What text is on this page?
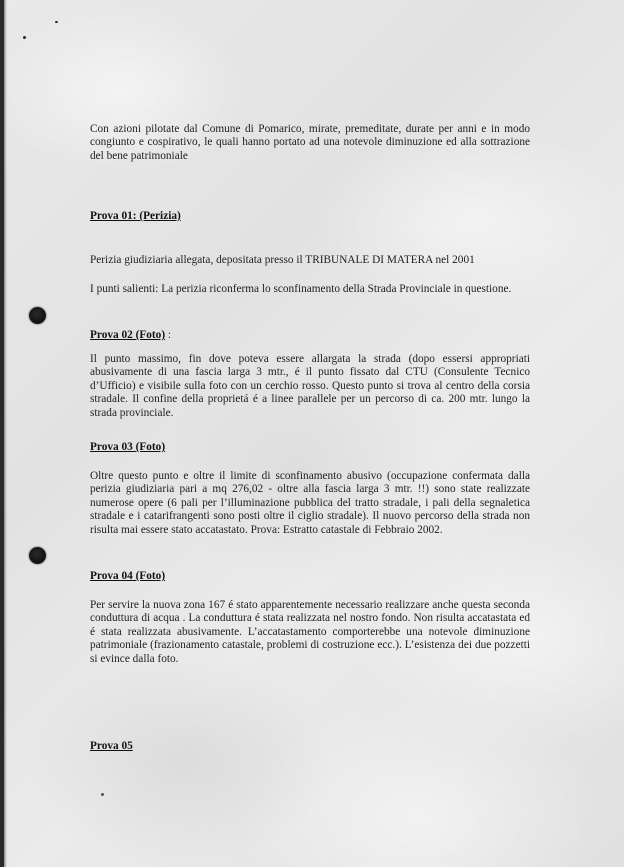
Con azioni pilotate dal Comune di Pomarico, mirate, premeditate, durate per anni e in modo congiunto e cospirativo, le quali hanno portato ad una notevole diminuzione ed alla sottrazione del bene patrimoniale

Prova 01: (Perizia)

Perizia giudiziaria allegata, depositata presso il TRIBUNALE DI MATERA nel 2001

I punti salienti: La perizia riconferma lo sconfinamento della Strada Provinciale in questione.

Prova 02 (Foto) :

Il punto massimo, fin dove poteva essere allargata la strada (dopo essersi appropriati abusivamente di una fascia larga 3 mtr., é il punto fissato dal CTU (Consulente Tecnico d’Ufficio) e visibile sulla foto con un cerchio rosso. Questo punto si trova al centro della corsia stradale. Il confine della proprietá é a linee parallele per un percorso di ca. 200 mtr. lungo la strada provinciale.

Prova 03 (Foto)

Oltre questo punto e oltre il limite di sconfinamento abusivo (occupazione confermata dalla perizia giudiziaria pari a mq 276,02 - oltre alla fascia larga 3 mtr. !!) sono state realizzate numerose opere (6 pali per l’illuminazione pubblica del tratto stradale, i pali della segnaletica stradale e i catarifrangenti sono posti oltre il ciglio stradale). Il nuovo percorso della strada non risulta mai essere stato accatastato. Prova: Estratto catastale di Febbraio 2002.

Prova 04 (Foto)

Per servire la nuova zona 167 é stato apparentemente necessario realizzare anche questa seconda conduttura di acqua . La conduttura é stata realizzata nel nostro fondo. Non risulta accatastata ed é stata realizzata abusivamente. L’accatastamento comporterebbe una notevole diminuzione patrimoniale (frazionamento catastale, problemi di costruzione ecc.). L’esistenza dei due pozzetti si evince dalla foto.

Prova 05
